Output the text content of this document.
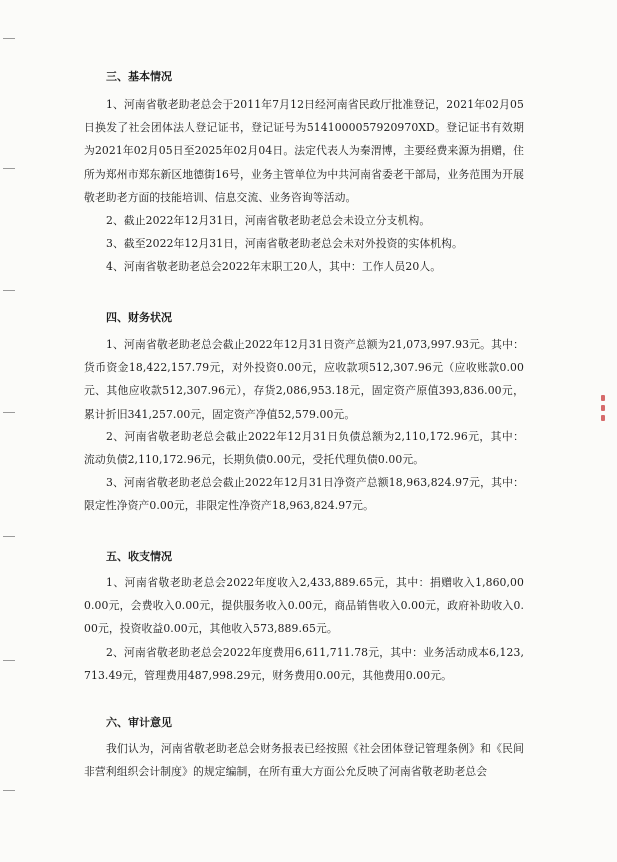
三、基本情况
1、河南省敬老助老总会于2011年7月12日经河南省民政厅批准登记，2021年02月05日换发了社会团体法人登记证书，登记证号为5141000057920970XD。登记证书有效期为2021年02月05日至2025年02月04日。法定代表人为秦渭博，主要经费来源为捐赠，住所为郑州市郑东新区地德街16号，业务主管单位为中共河南省委老干部局，业务范围为开展敬老助老方面的技能培训、信息交流、业务咨询等活动。
2、截止2022年12月31日，河南省敬老助老总会未设立分支机构。
3、截至2022年12月31日，河南省敬老助老总会未对外投资的实体机构。
4、河南省敬老助老总会2022年末职工20人，其中：工作人员20人。
四、财务状况
1、河南省敬老助老总会截止2022年12月31日资产总额为21,073,997.93元。其中：货币资金18,422,157.79元，对外投资0.00元，应收款项512,307.96元（应收账款0.00元、其他应收款512,307.96元），存货2,086,953.18元，固定资产原值393,836.00元，累计折旧341,257.00元，固定资产净值52,579.00元。
2、河南省敬老助老总会截止2022年12月31日负债总额为2,110,172.96元，其中：流动负债2,110,172.96元，长期负债0.00元，受托代理负债0.00元。
3、河南省敬老助老总会截止2022年12月31日净资产总额18,963,824.97元，其中：限定性净资产0.00元，非限定性净资产18,963,824.97元。
五、收支情况
1、河南省敬老助老总会2022年度收入2,433,889.65元，其中：捐赠收入1,860,000.00元，会费收入0.00元，提供服务收入0.00元，商品销售收入0.00元，政府补助收入0.00元，投资收益0.00元，其他收入573,889.65元。
2、河南省敬老助老总会2022年度费用6,611,711.78元，其中：业务活动成本6,123,713.49元，管理费用487,998.29元，财务费用0.00元，其他费用0.00元。
六、审计意见
我们认为，河南省敬老助老总会财务报表已经按照《社会团体登记管理条例》和《民间非营利组织会计制度》的规定编制，在所有重大方面公允反映了河南省敬老助老总会
